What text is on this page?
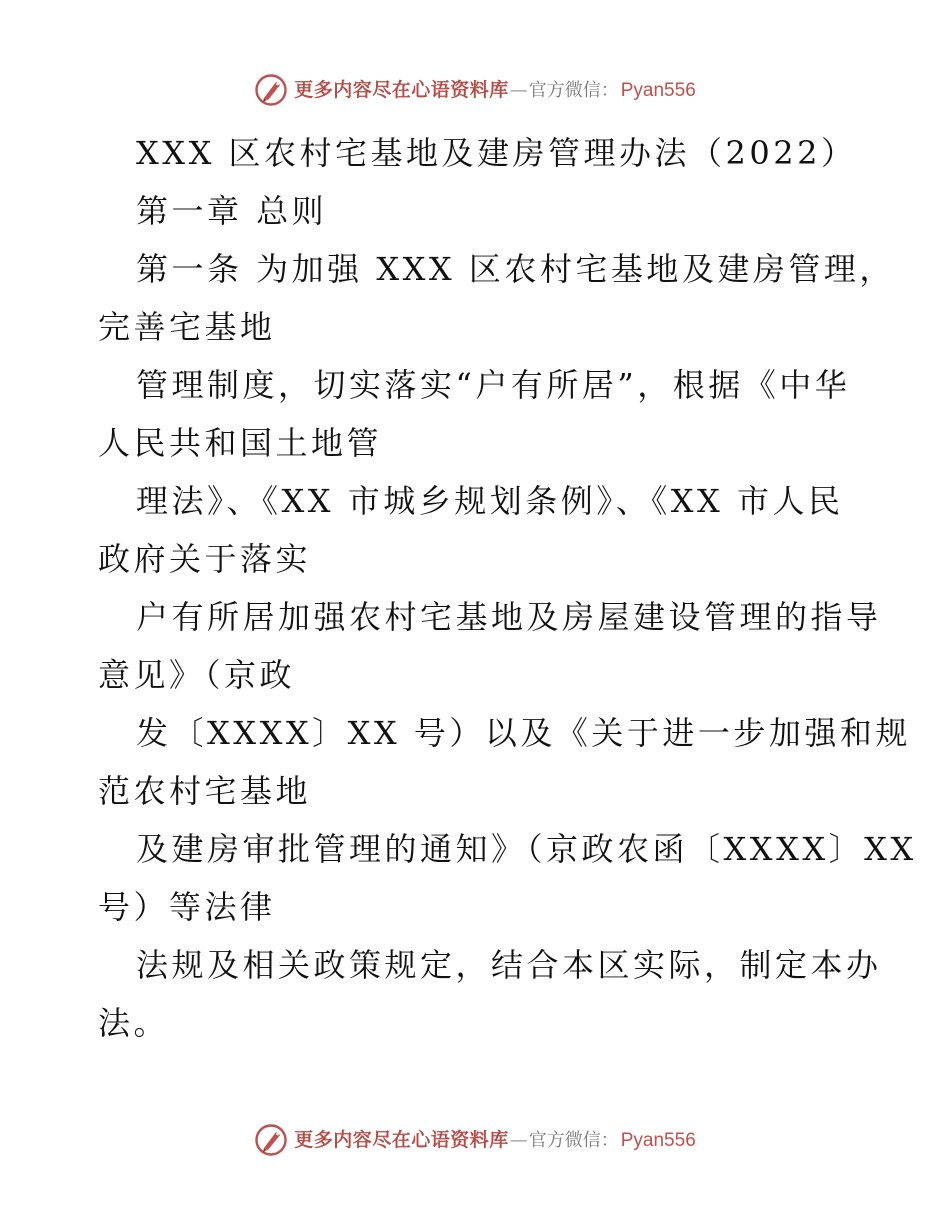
更多内容尽在心语资料库 — 官方微信： Pyan556
XXX 区农村宅基地及建房管理办法（2022）
第一章 总则
第一条 为加强 XXX 区农村宅基地及建房管理，
完善宅基地
管理制度，切实落实“户有所居”，根据《中华
人民共和国土地管
理法》、《XX 市城乡规划条例》、《XX 市人民
政府关于落实
户有所居加强农村宅基地及房屋建设管理的指导
意见》（京政
发〔XXXX〕XX 号）以及《关于进一步加强和规
范农村宅基地
及建房审批管理的通知》（京政农函〔XXXX〕XX
号）等法律
法规及相关政策规定，结合本区实际，制定本办
法。
更多内容尽在心语资料库 — 官方微信： Pyan556
